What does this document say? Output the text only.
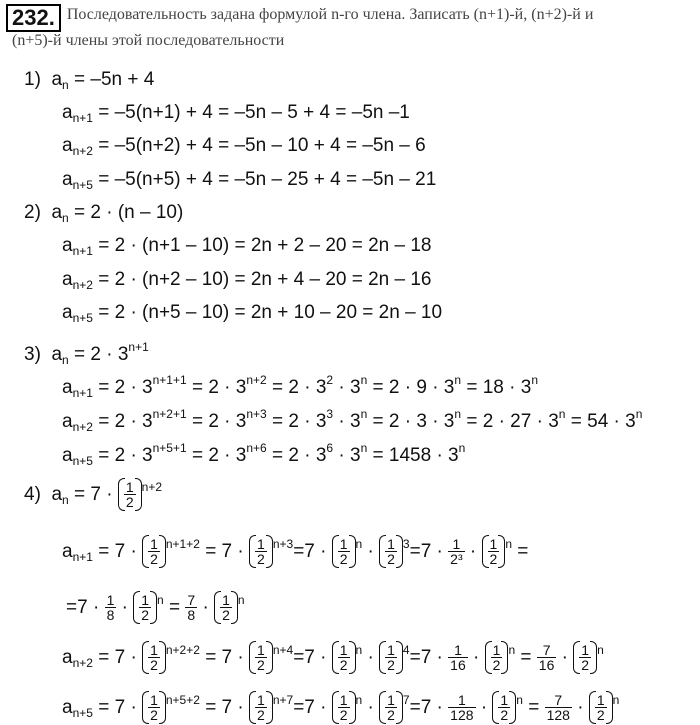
232. Последовательность задана формулой n-го члена. Записать (n+1)-й, (n+2)-й и
(n+5)-й члены этой последовательности
1) $a_n = -5n + 4$
$a_{n+1} = -5(n+1) + 4 = -5n - 5 + 4 = -5n$ –1
$a_{n+2} = -5(n+2) + 4 = -5n - 10 + 4 = -5n - 6$
$a_{n+5} = -5(n+5) + 4 = -5n - 25 + 4 = -5n - 21$
2)  $a_n = 2 \cdot (n - 10)$
$a_{n+1} = 2 \cdot (n+1 - 10) = 2n + 2 - 20 = 2n - 18$
$a_{n+2} = 2 \cdot (n+2 - 10) = 2n + 4 - 20 = 2n - 16$
$a_{n+5} = 2 \cdot (n+5 - 10) = 2n + 10 - 20 = 2n - 10$
3)  $a_n = 2 \cdot 3^{n+1}$
$a_{n+1} = 2 \cdot 3^{n+1+1} = 2 \cdot 3^{n+2} = 2 \cdot 3^2 \cdot 3^n = 2 \cdot 9 \cdot 3^n = 18 \cdot 3^n$
$a_{n+2} = 2 \cdot 3^{n+2+1} = 2 \cdot 3^{n+3} = 2 \cdot 3^3 \cdot 3^n = 2 \cdot 3 \cdot 3^n = 2 \cdot 27 \cdot 3^n = 54 \cdot 3^n$
$a_{n+5} = 2 \cdot 3^{n+5+1} = 2 \cdot 3^{n+6} = 2 \cdot 3^6 \cdot 3^n = 1458 \cdot 3^n$
4)  $a_n = 7 \cdot \frac{1}{2} ^{n+2}$
$a_{n+1} = 7 \cdot \frac{1}{2} ^{n+1+2} = 7 \cdot \frac{1}{2} ^{n+3}=7 \cdot \frac{1}{2} ^n \cdot \frac{1}{2} ^3=7 \cdot \frac{1}{\text{2³}} \cdot \frac{1}{2} ^n$ =
$=7 \cdot \frac{1}{8} \cdot \frac{1}{2} ^n = \frac{7}{8} \cdot \frac{1}{2} ^n$
$a_{n+2} = 7 \cdot \frac{1}{2} ^{n+2+2} = 7 \cdot \frac{1}{2} ^{n+4}=7 \cdot \frac{1}{2} ^n \cdot \frac{1}{2} ^4=7 \cdot \frac{1}{16} \cdot \frac{1}{2} ^n = \frac{7}{16} \cdot \frac{1}{2} ^n$
$a_{n+5} = 7 \cdot \frac{1}{2} ^{n+5+2} = 7 \cdot \frac{1}{2} ^{n+7}=7 \cdot \frac{1}{2} ^n \cdot \frac{1}{2} ^7=7 \cdot \frac{1}{128} \cdot \frac{1}{2} ^n = \frac{7}{128} \cdot \frac{1}{2} ^n$
